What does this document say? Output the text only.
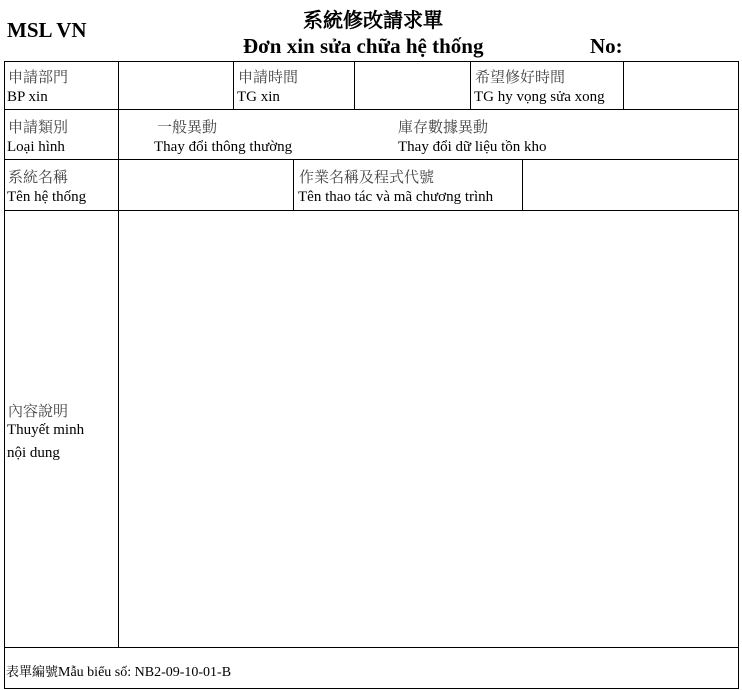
MSL VN	系統修改請求單
Đơn xin sửa chữa hệ thống	No:
申請部門
BP xin
申請時間
TG xin
希望修好時間
TG hy vọng sửa xong
申請類別
Loại hình
一般異動
Thay đổi thông thường
庫存數據異動
Thay đổi dữ liệu tồn kho
系統名稱
Tên hệ thống
作業名稱及程式代號
Tên thao tác và mã chương trình
內容說明
Thuyết minh
nội dung
表單編號Mẫu biểu số: NB2-09-10-01-B
